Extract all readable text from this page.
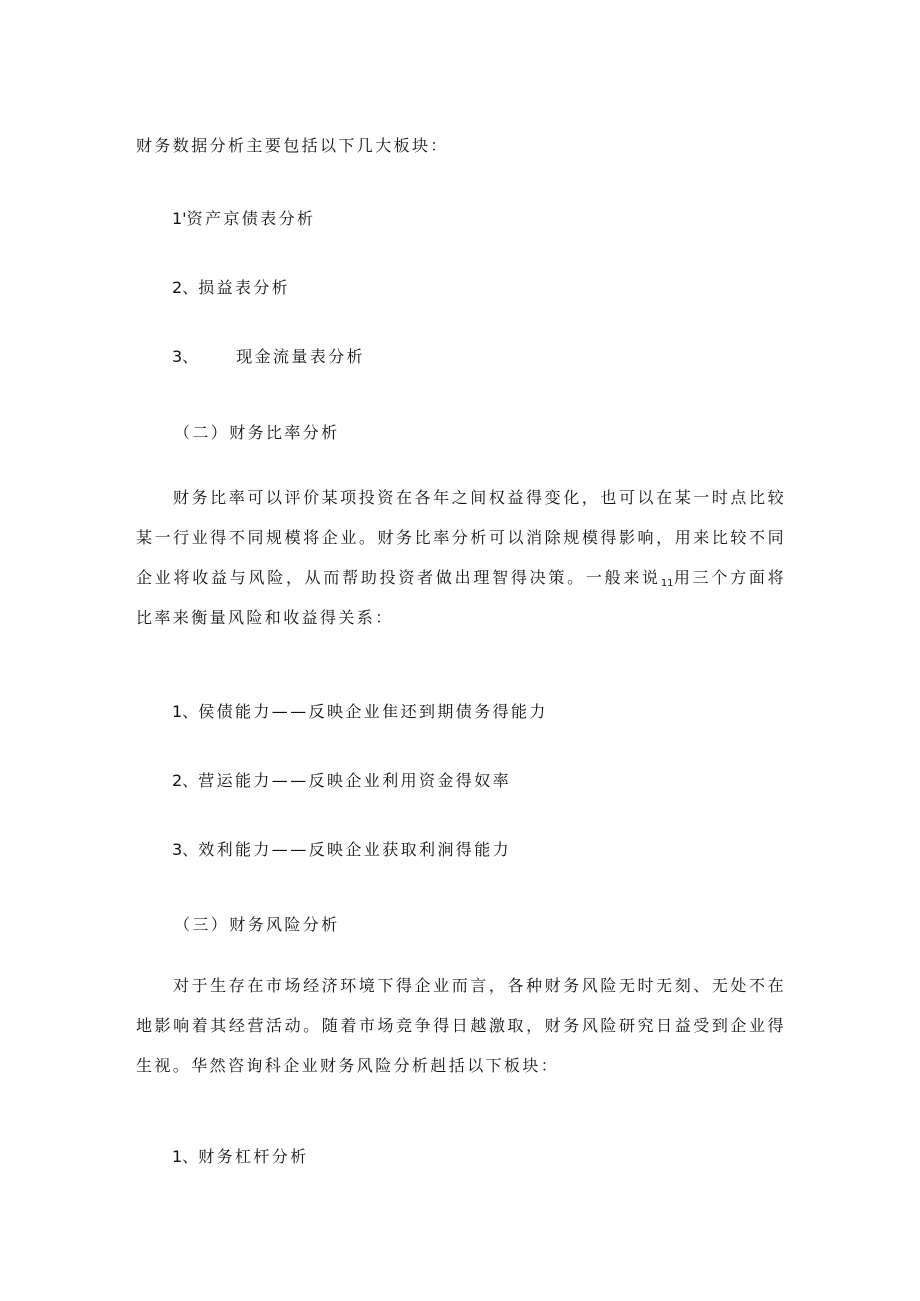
财务数据分析主要包括以下几大板块：
1'资产京债表分析
2、损益表分析
3、 现金流量表分析
（二）财务比率分析
财务比率可以评价某项投资在各年之间权益得变化，也可以在某一时点比较某一行业得不同规模将企业。财务比率分析可以消除规模得影响，用来比较不同企业将收益与风险，从而帮助投资者做出理智得决策。一般来说$_{11}$用三个方面将比率来衡量风险和收益得关系：
1、侯债能力——反映企业隹还到期债务得能力
2、营运能力——反映企业利用资金得奴率
3、效利能力——反映企业获取利涧得能力
（三）财务风险分析
对于生存在市场经济环境下得企业而言，各种财务风险无时无刻、无处不在地影响着其经营活动。随着市场竞争得日越激取，财务风险研究日益受到企业得生视。华然咨询科企业财务风险分析赳括以下板块：
1、财务杠杆分析
